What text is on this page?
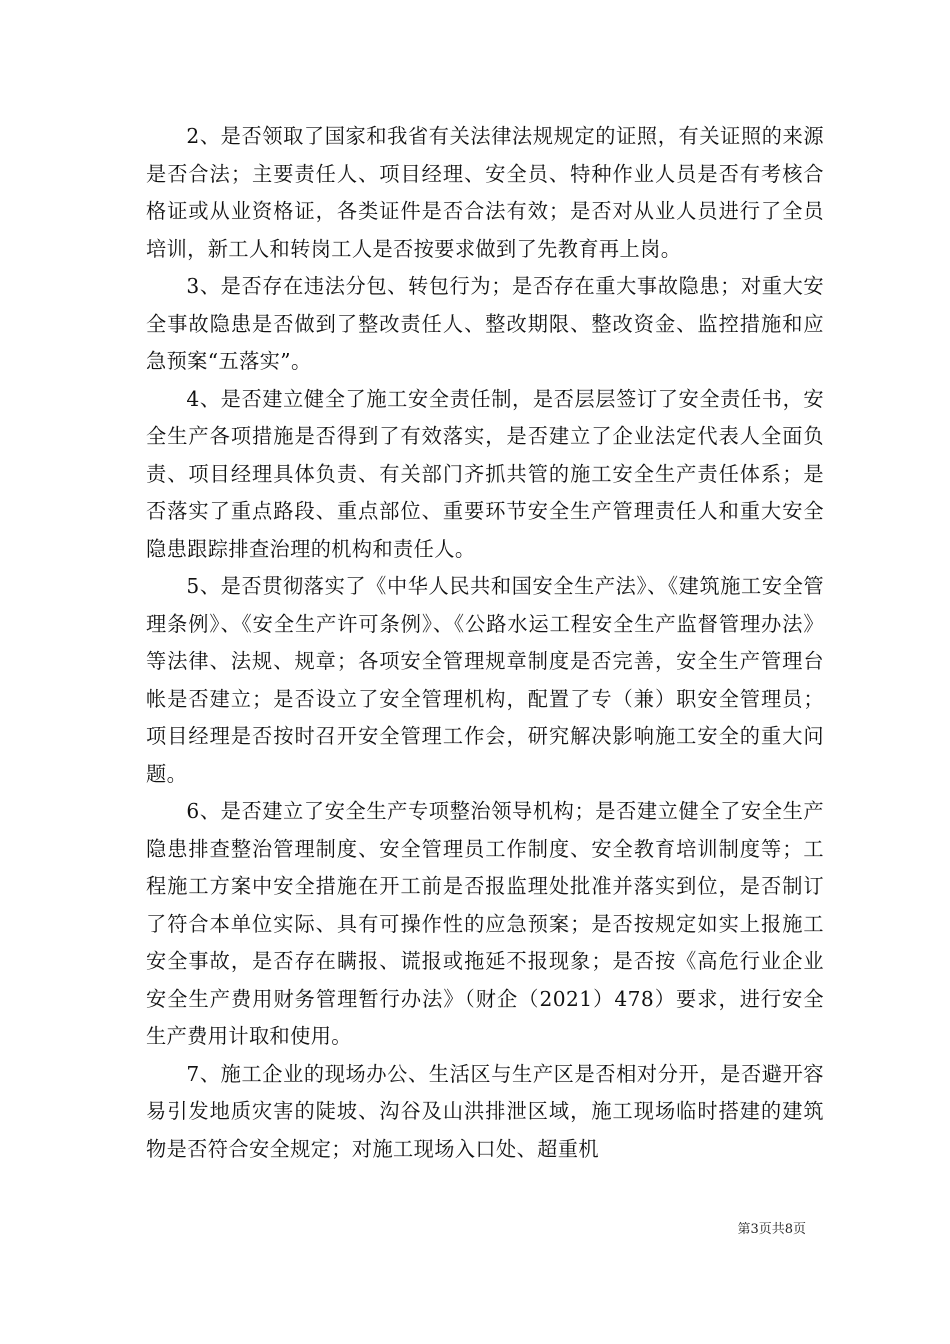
2、是否领取了国家和我省有关法律法规规定的证照，有关证照的来源是否合法；主要责任人、项目经理、安全员、特种作业人员是否有考核合格证或从业资格证，各类证件是否合法有效；是否对从业人员进行了全员培训，新工人和转岗工人是否按要求做到了先教育再上岗。

3、是否存在违法分包、转包行为；是否存在重大事故隐患；对重大安全事故隐患是否做到了整改责任人、整改期限、整改资金、监控措施和应急预案“五落实”。

4、是否建立健全了施工安全责任制，是否层层签订了安全责任书，安全生产各项措施是否得到了有效落实，是否建立了企业法定代表人全面负责、项目经理具体负责、有关部门齐抓共管的施工安全生产责任体系；是否落实了重点路段、重点部位、重要环节安全生产管理责任人和重大安全隐患跟踪排查治理的机构和责任人。

5、是否贯彻落实了《中华人民共和国安全生产法》、《建筑施工安全管理条例》、《安全生产许可条例》、《公路水运工程安全生产监督管理办法》等法律、法规、规章；各项安全管理规章制度是否完善，安全生产管理台帐是否建立；是否设立了安全管理机构，配置了专（兼）职安全管理员；项目经理是否按时召开安全管理工作会，研究解决影响施工安全的重大问题。

6、是否建立了安全生产专项整治领导机构；是否建立健全了安全生产隐患排查整治管理制度、安全管理员工作制度、安全教育培训制度等；工程施工方案中安全措施在开工前是否报监理处批准并落实到位，是否制订了符合本单位实际、具有可操作性的应急预案；是否按规定如实上报施工安全事故，是否存在瞒报、谎报或拖延不报现象；是否按《高危行业企业安全生产费用财务管理暂行办法》（财企（2021）478）要求，进行安全生产费用计取和使用。

7、施工企业的现场办公、生活区与生产区是否相对分开，是否避开容易引发地质灾害的陡坡、沟谷及山洪排泄区域，施工现场临时搭建的建筑物是否符合安全规定；对施工现场入口处、超重机

第3页共8页
